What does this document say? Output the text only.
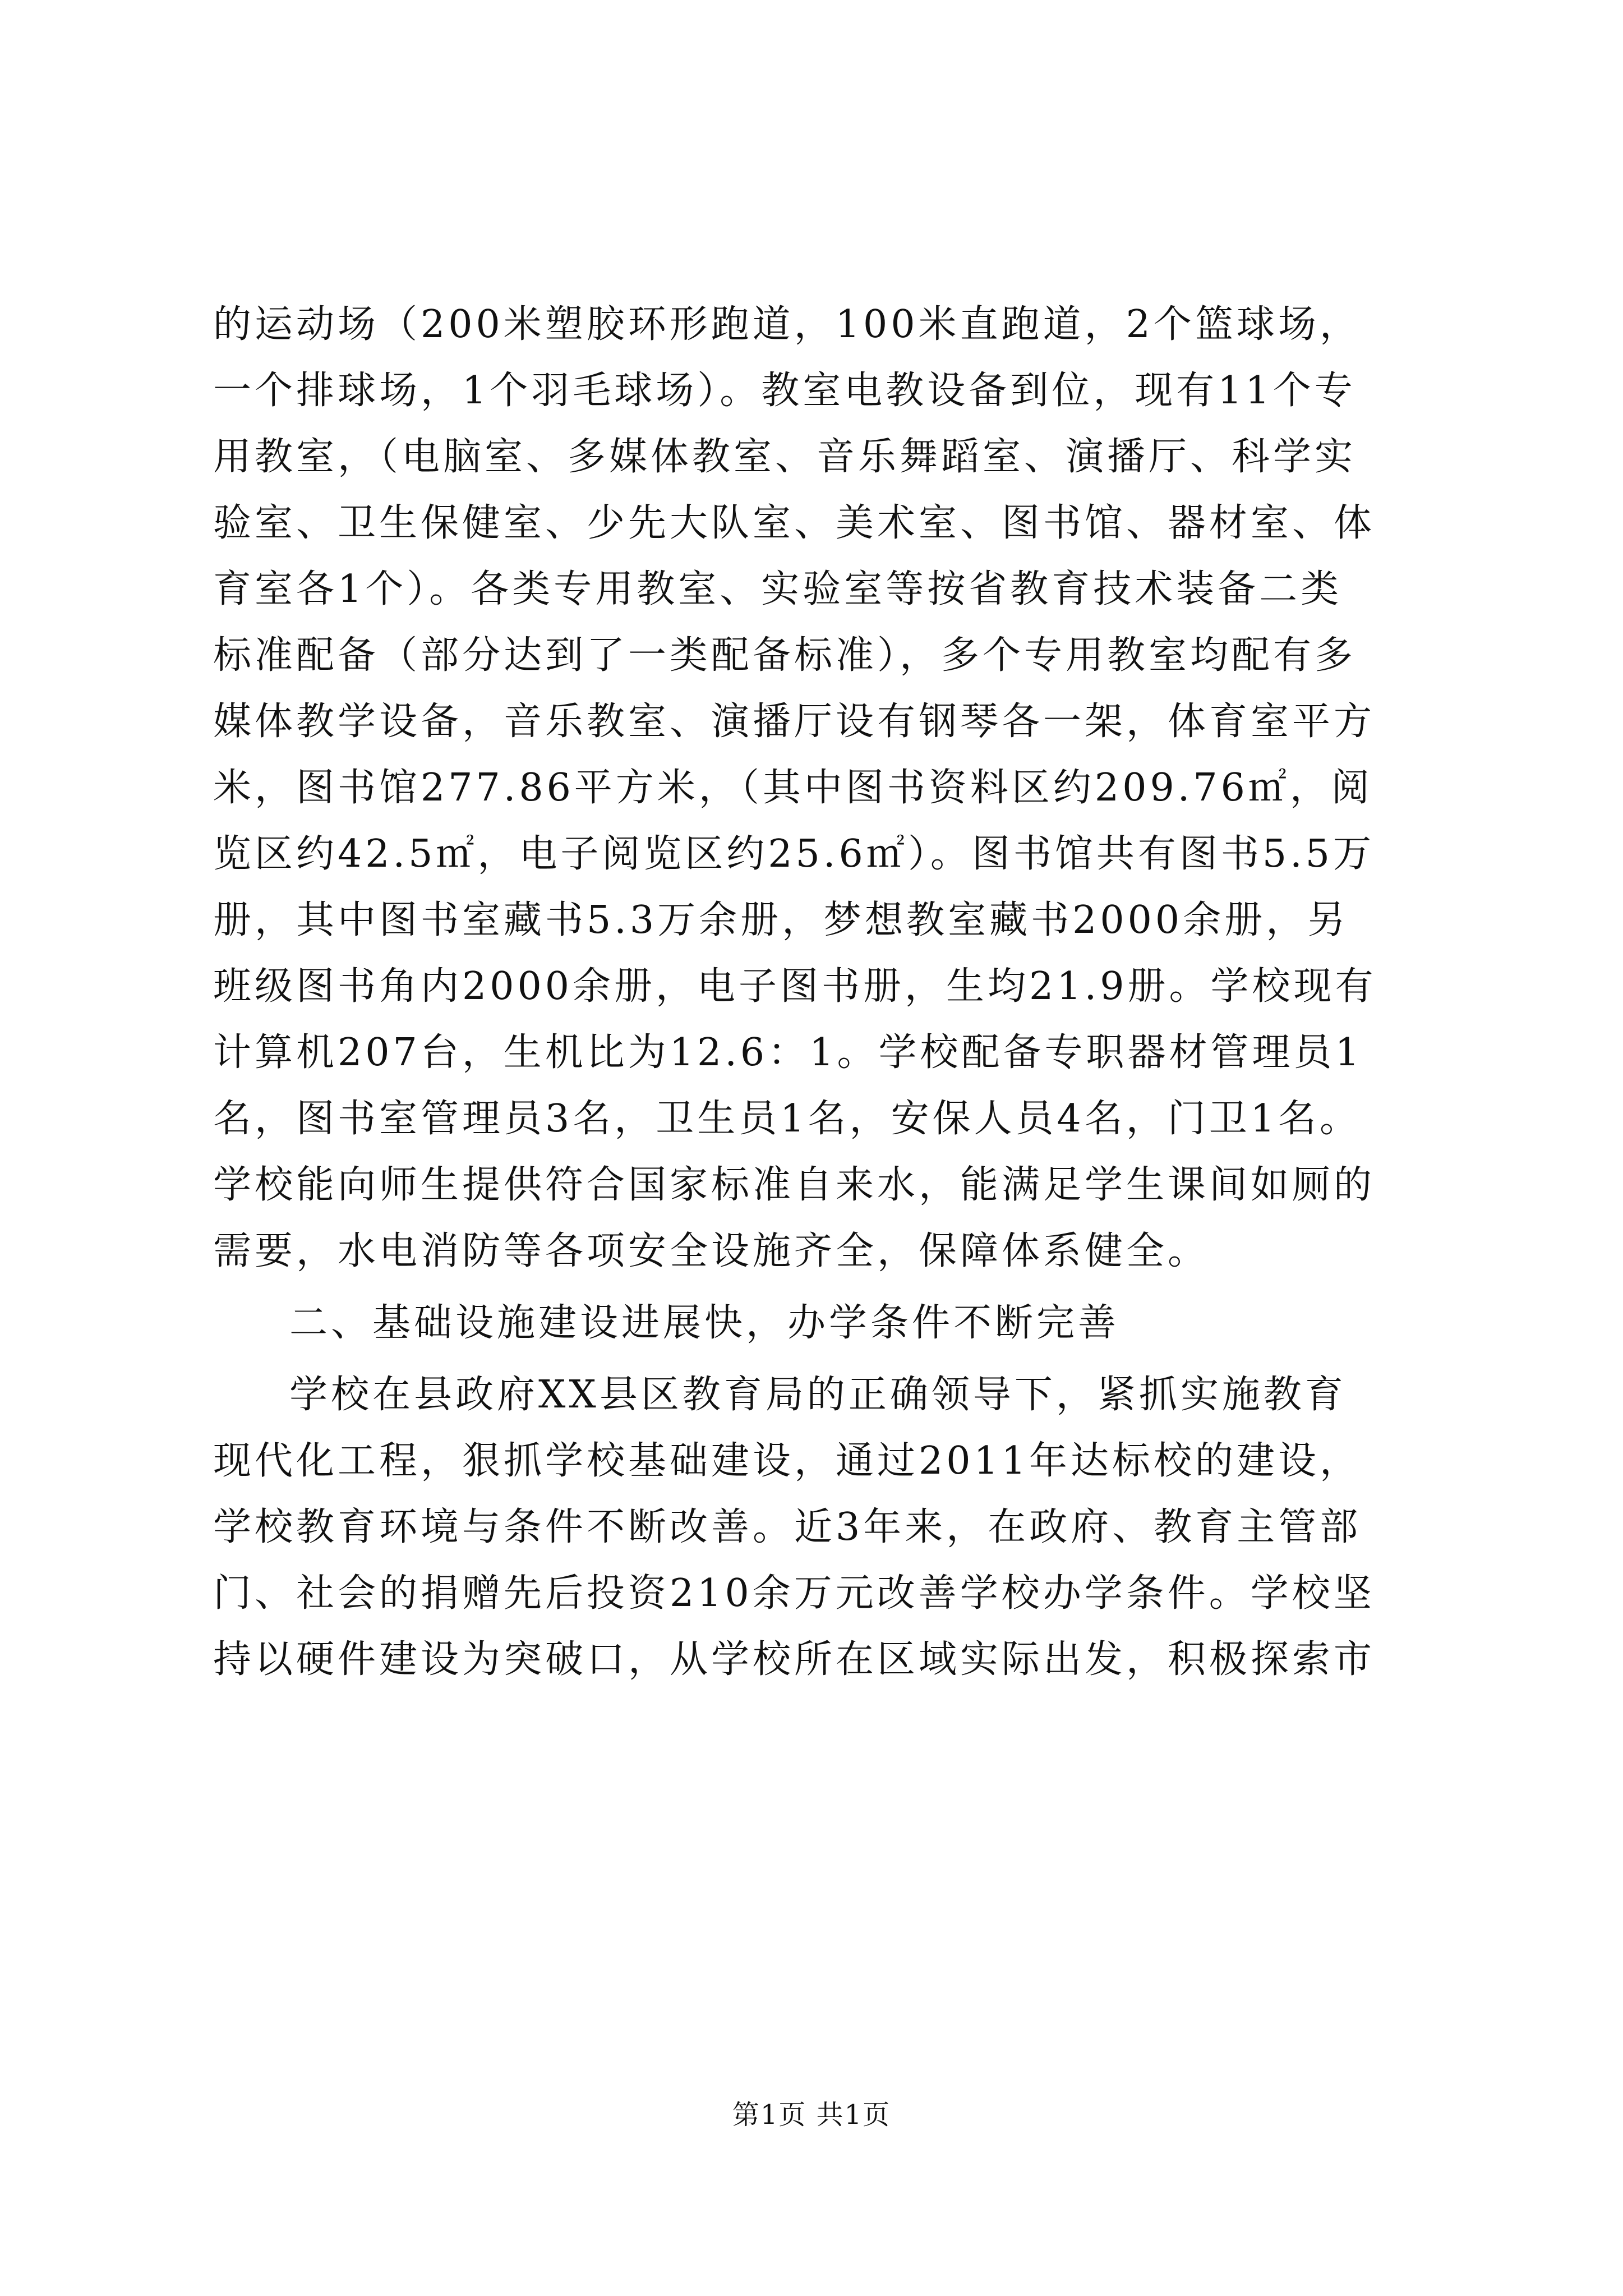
的运动场（200米塑胶环形跑道，100米直跑道，2个篮球场，
一个排球场，1个羽毛球场）。教室电教设备到位，现有11个专
用教室，（电脑室、多媒体教室、音乐舞蹈室、演播厅、科学实
验室、卫生保健室、少先大队室、美术室、图书馆、器材室、体
育室各1个）。各类专用教室、实验室等按省教育技术装备二类
标准配备（部分达到了一类配备标准），多个专用教室均配有多
媒体教学设备，音乐教室、演播厅设有钢琴各一架，体育室平方
米，图书馆277.86平方米，（其中图书资料区约209.76㎡，阅
览区约42.5㎡，电子阅览区约25.6㎡）。图书馆共有图书5.5万
册，其中图书室藏书5.3万余册，梦想教室藏书2000余册，另
班级图书角内2000余册，电子图书册，生均21.9册。学校现有
计算机207台，生机比为12.6：1。学校配备专职器材管理员1
名，图书室管理员3名，卫生员1名，安保人员4名，门卫1名。
学校能向师生提供符合国家标准自来水，能满足学生课间如厕的
需要，水电消防等各项安全设施齐全，保障体系健全。
二、基础设施建设进展快，办学条件不断完善
学校在县政府XX县区教育局的正确领导下，紧抓实施教育
现代化工程，狠抓学校基础建设，通过2011年达标校的建设，
学校教育环境与条件不断改善。近3年来，在政府、教育主管部
门、社会的捐赠先后投资210余万元改善学校办学条件。学校坚
持以硬件建设为突破口，从学校所在区域实际出发，积极探索市
第1页 共1页
